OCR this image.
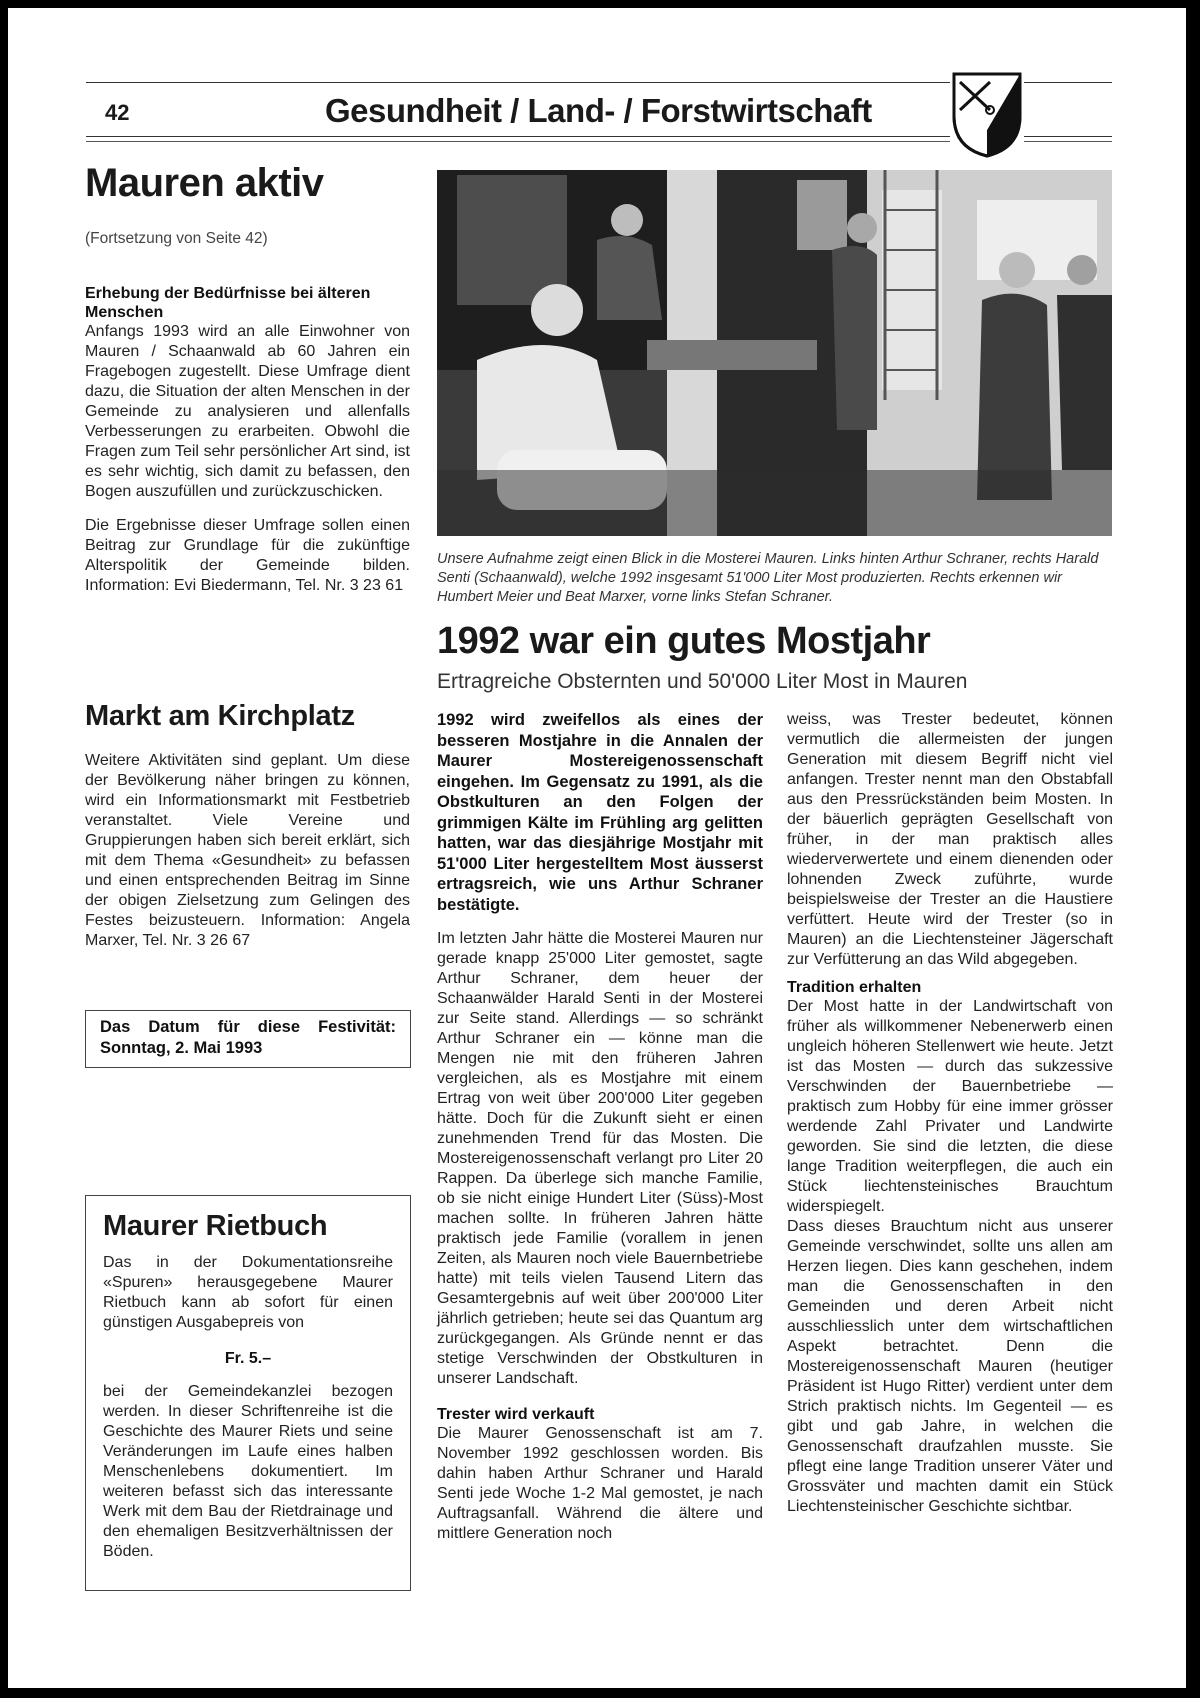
42	Gesundheit / Land- / Forstwirtschaft
Mauren aktiv
(Fortsetzung von Seite 42)
Erhebung der Bedürfnisse bei älteren Menschen
Anfangs 1993 wird an alle Einwohner von Mauren / Schaanwald ab 60 Jahren ein Fragebogen zugestellt. Diese Umfrage dient dazu, die Situation der alten Menschen in der Gemeinde zu analysieren und allenfalls Verbesserungen zu erarbeiten. Obwohl die Fragen zum Teil sehr persönlicher Art sind, ist es sehr wichtig, sich damit zu befassen, den Bogen auszufüllen und zurückzuschicken.
Die Ergebnisse dieser Umfrage sollen einen Beitrag zur Grundlage für die zukünftige Alterspolitik der Gemeinde bilden. Information: Evi Biedermann, Tel. Nr. 3 23 61
Markt am Kirchplatz
Weitere Aktivitäten sind geplant. Um diese der Bevölkerung näher bringen zu können, wird ein Informationsmarkt mit Festbetrieb veranstaltet. Viele Vereine und Gruppierungen haben sich bereit erklärt, sich mit dem Thema «Gesundheit» zu befassen und einen entsprechenden Beitrag im Sinne der obigen Zielsetzung zum Gelingen des Festes beizusteuern. Information: Angela Marxer, Tel. Nr. 3 26 67
Das Datum für diese Festivität: Sonntag, 2. Mai 1993
Maurer Rietbuch
Das in der Dokumentationsreihe «Spuren» herausgegebene Maurer Rietbuch kann ab sofort für einen günstigen Ausgabepreis von
Fr. 5.–
bei der Gemeindekanzlei bezogen werden. In dieser Schriftenreihe ist die Geschichte des Maurer Riets und seine Veränderungen im Laufe eines halben Menschenlebens dokumentiert. Im weiteren befasst sich das interessante Werk mit dem Bau der Rietdrainage und den ehemaligen Besitzverhältnissen der Böden.
Unsere Aufnahme zeigt einen Blick in die Mosterei Mauren. Links hinten Arthur Schraner, rechts Harald Senti (Schaanwald), welche 1992 insgesamt 51'000 Liter Most produzierten. Rechts erkennen wir Humbert Meier und Beat Marxer, vorne links Stefan Schraner.
1992 war ein gutes Mostjahr
Ertragreiche Obsternten und 50'000 Liter Most in Mauren
1992 wird zweifellos als eines der besseren Mostjahre in die Annalen der Maurer Mostereigenossenschaft eingehen. Im Gegensatz zu 1991, als die Obstkulturen an den Folgen der grimmigen Kälte im Frühling arg gelitten hatten, war das diesjährige Mostjahr mit 51'000 Liter hergestelltem Most äusserst ertragsreich, wie uns Arthur Schraner bestätigte.
Im letzten Jahr hätte die Mosterei Mauren nur gerade knapp 25'000 Liter gemostet, sagte Arthur Schraner, dem heuer der Schaanwälder Harald Senti in der Mosterei zur Seite stand. Allerdings — so schränkt Arthur Schraner ein — könne man die Mengen nie mit den früheren Jahren vergleichen, als es Mostjahre mit einem Ertrag von weit über 200'000 Liter gegeben hätte. Doch für die Zukunft sieht er einen zunehmenden Trend für das Mosten. Die Mostereigenossenschaft verlangt pro Liter 20 Rappen. Da überlege sich manche Familie, ob sie nicht einige Hundert Liter (Süss)-Most machen sollte. In früheren Jahren hätte praktisch jede Familie (vorallem in jenen Zeiten, als Mauren noch viele Bauernbetriebe hatte) mit teils vielen Tausend Litern das Gesamtergebnis auf weit über 200'000 Liter jährlich getrieben; heute sei das Quantum arg zurückgegangen. Als Gründe nennt er das stetige Verschwinden der Obstkulturen in unserer Landschaft.
Trester wird verkauft
Die Maurer Genossenschaft ist am 7. November 1992 geschlossen worden. Bis dahin haben Arthur Schraner und Harald Senti jede Woche 1-2 Mal gemostet, je nach Auftragsanfall. Während die ältere und mittlere Generation noch
weiss, was Trester bedeutet, können vermutlich die allermeisten der jungen Generation mit diesem Begriff nicht viel anfangen. Trester nennt man den Obstabfall aus den Pressrückständen beim Mosten. In der bäuerlich geprägten Gesellschaft von früher, in der man praktisch alles wiederverwertete und einem dienenden oder lohnenden Zweck zuführte, wurde beispielsweise der Trester an die Haustiere verfüttert. Heute wird der Trester (so in Mauren) an die Liechtensteiner Jägerschaft zur Verfütterung an das Wild abgegeben.
Tradition erhalten
Der Most hatte in der Landwirtschaft von früher als willkommener Nebenerwerb einen ungleich höheren Stellenwert wie heute. Jetzt ist das Mosten — durch das sukzessive Verschwinden der Bauernbetriebe — praktisch zum Hobby für eine immer grösser werdende Zahl Privater und Landwirte geworden. Sie sind die letzten, die diese lange Tradition weiterpflegen, die auch ein Stück liechtensteinisches Brauchtum widerspiegelt.
Dass dieses Brauchtum nicht aus unserer Gemeinde verschwindet, sollte uns allen am Herzen liegen. Dies kann geschehen, indem man die Genossenschaften in den Gemeinden und deren Arbeit nicht ausschliesslich unter dem wirtschaftlichen Aspekt betrachtet. Denn die Mostereigenossenschaft Mauren (heutiger Präsident ist Hugo Ritter) verdient unter dem Strich praktisch nichts. Im Gegenteil — es gibt und gab Jahre, in welchen die Genossenschaft draufzahlen musste. Sie pflegt eine lange Tradition unserer Väter und Grossväter und machten damit ein Stück Liechtensteinischer Geschichte sichtbar.
